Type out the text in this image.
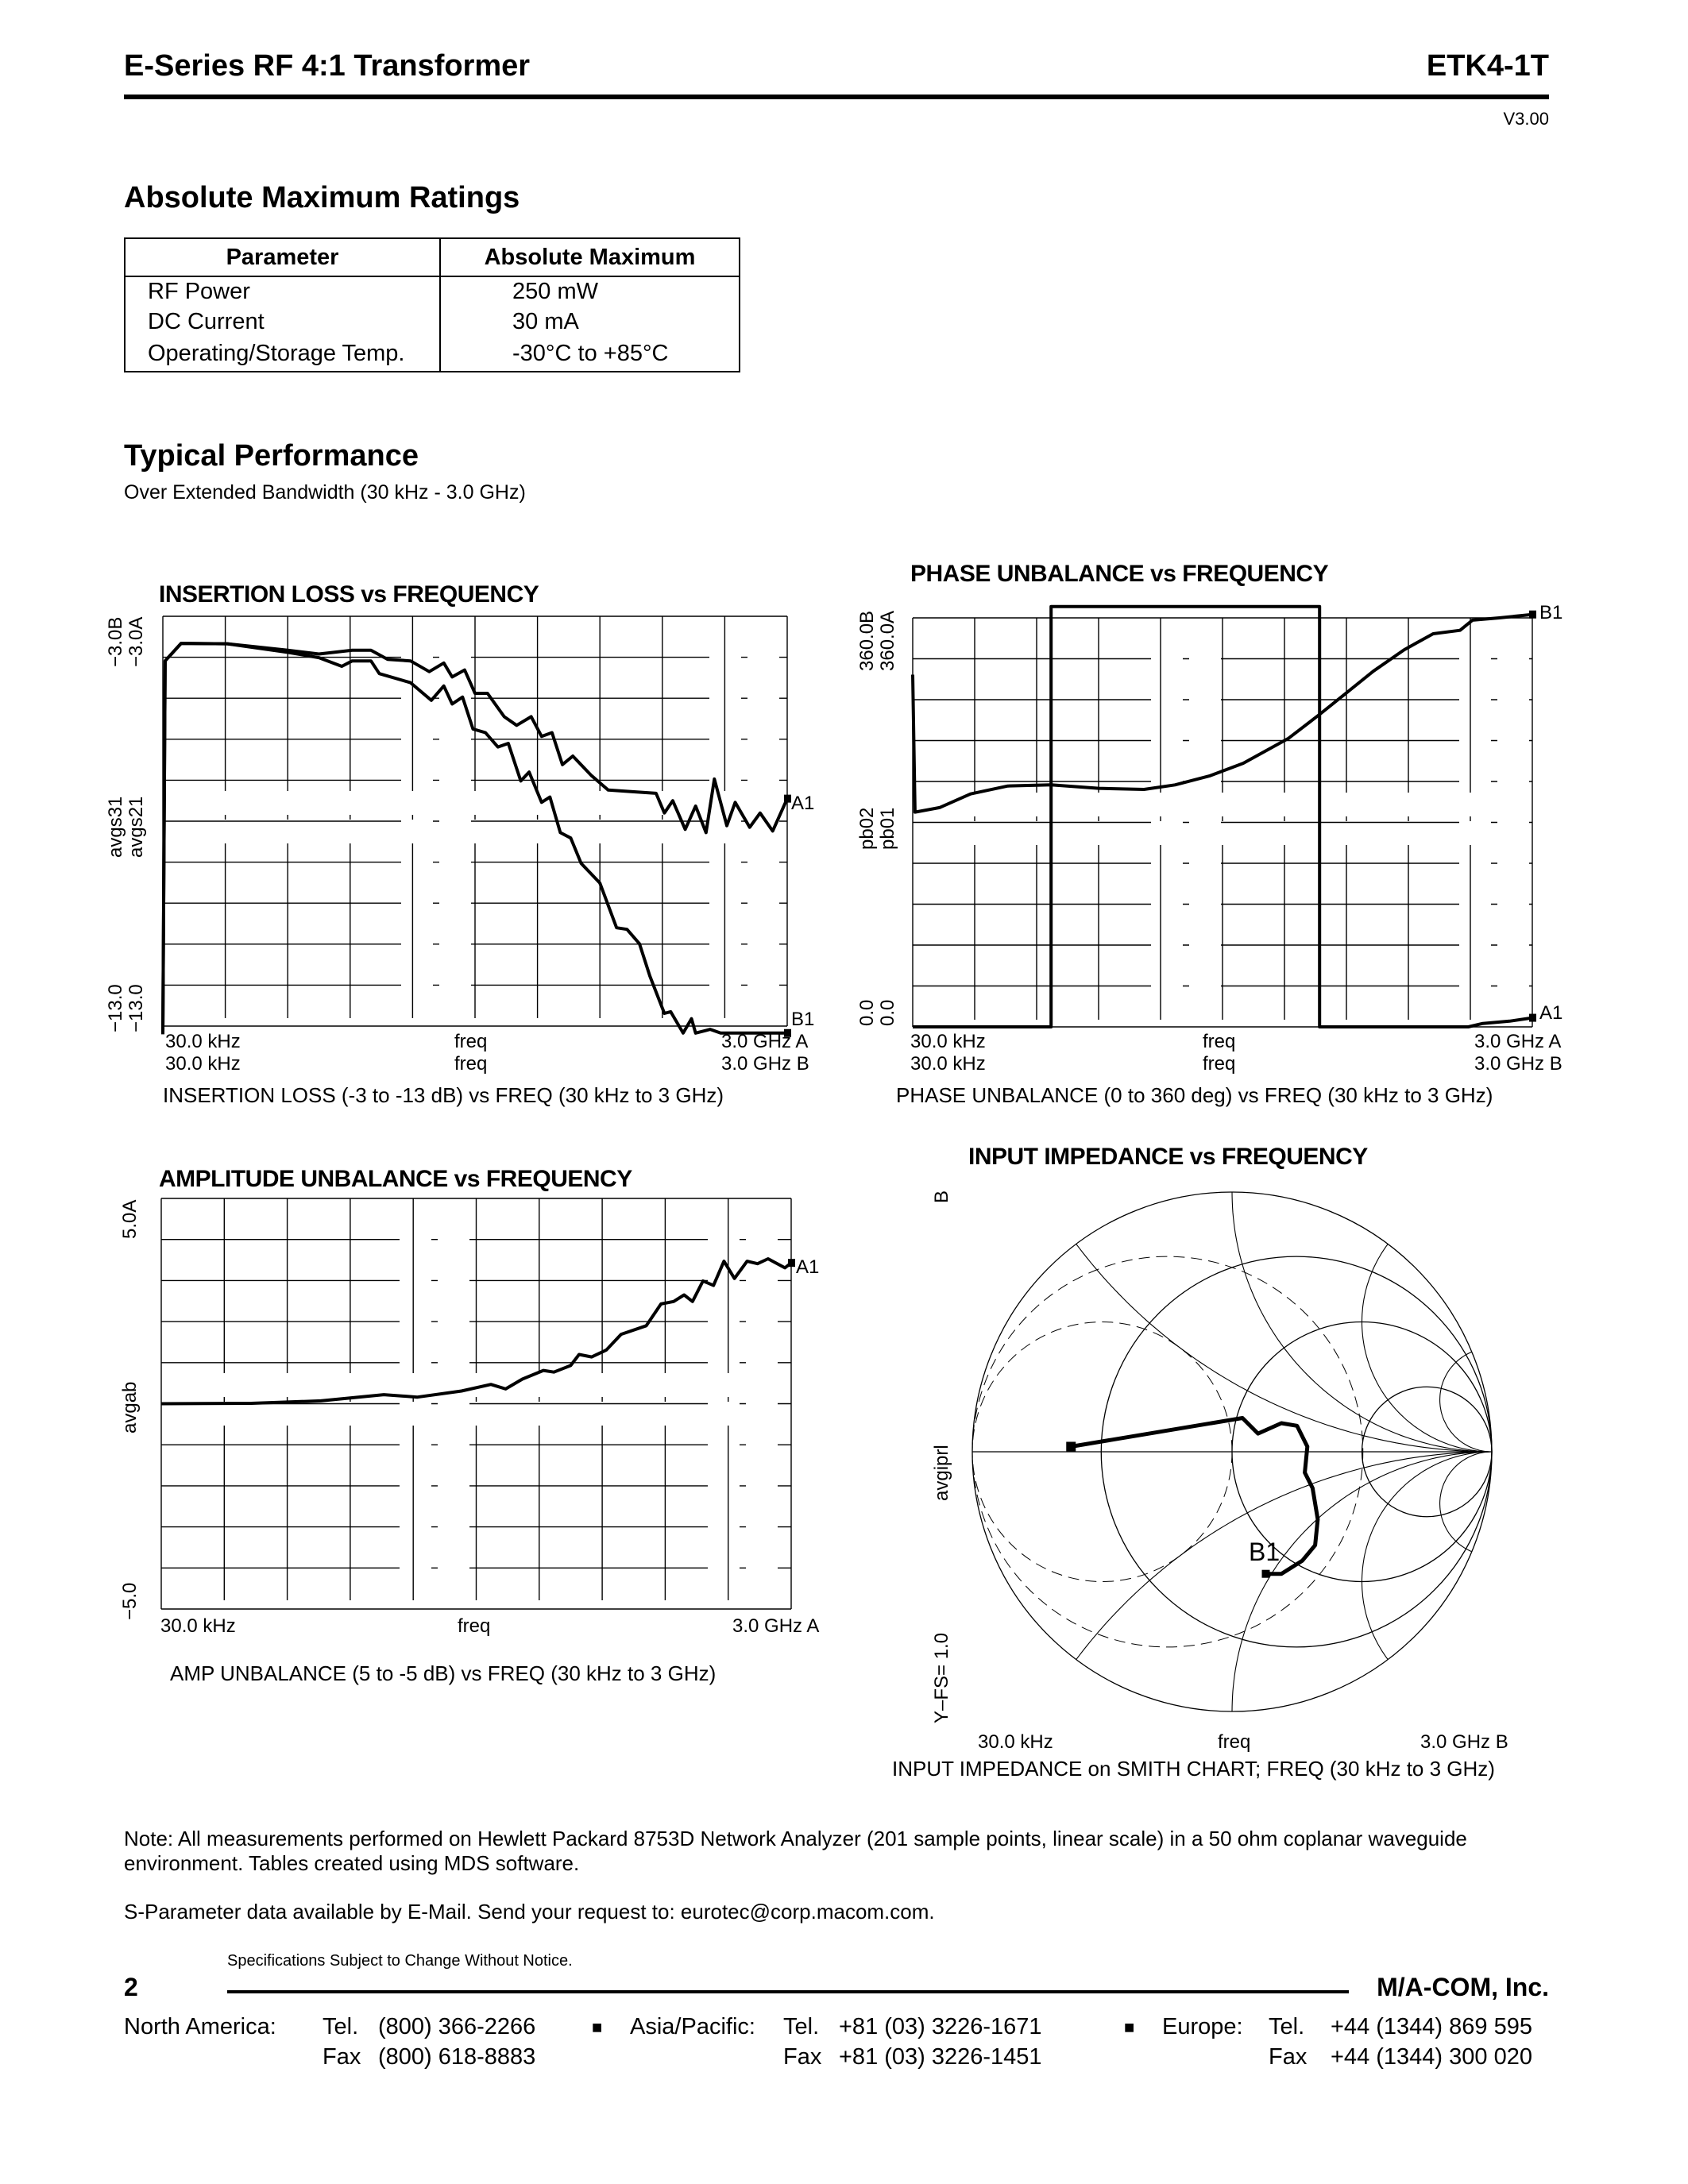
E-Series RF 4:1 Transformer	ETK4-1T
V3.00
Absolute Maximum Ratings
Parameter	Absolute Maximum
RF Power	250 mW
DC Current	30 mA
Operating/Storage Temp.	-30°C to +85°C
Typical Performance
Over Extended Bandwidth (30 kHz - 3.0 GHz)
INSERTION LOSS vs FREQUENCY
−3.0B −3.0A
avgs31 avgs21
−13.0 −13.0
A1
B1
30.0 kHz	freq	3.0 GHz A
30.0 kHz	freq	3.0 GHz B
INSERTION LOSS (-3 to -13 dB) vs FREQ (30 kHz to 3 GHz)
PHASE UNBALANCE vs FREQUENCY
360.0B 360.0A
pb02 pb01
0.0 0.0
B1
A1
30.0 kHz	freq	3.0 GHz A
30.0 kHz	freq	3.0 GHz B
PHASE UNBALANCE (0 to 360 deg) vs FREQ (30 kHz to 3 GHz)
AMPLITUDE UNBALANCE vs FREQUENCY
5.0A
avgab
−5.0
A1
30.0 kHz	freq	3.0 GHz A
AMP UNBALANCE (5 to -5 dB) vs FREQ (30 kHz to 3 GHz)
INPUT IMPEDANCE vs FREQUENCY
B
avgiprl
Y–FS= 1.0
B1
30.0 kHz	freq	3.0 GHz B
INPUT IMPEDANCE on SMITH CHART; FREQ (30 kHz to 3 GHz)
Note: All measurements performed on Hewlett Packard 8753D Network Analyzer (201 sample points, linear scale) in a 50 ohm coplanar waveguide
environment. Tables created using MDS software.
S-Parameter data available by E-Mail. Send your request to: eurotec@corp.macom.com.
Specifications Subject to Change Without Notice.
2	M/A-COM, Inc.
North America: Tel. (800) 366-2266
Fax (800) 618-8883
■ Asia/Pacific: Tel. +81 (03) 3226-1671
Fax +81 (03) 3226-1451
■ Europe: Tel. +44 (1344) 869 595
Fax +44 (1344) 300 020
